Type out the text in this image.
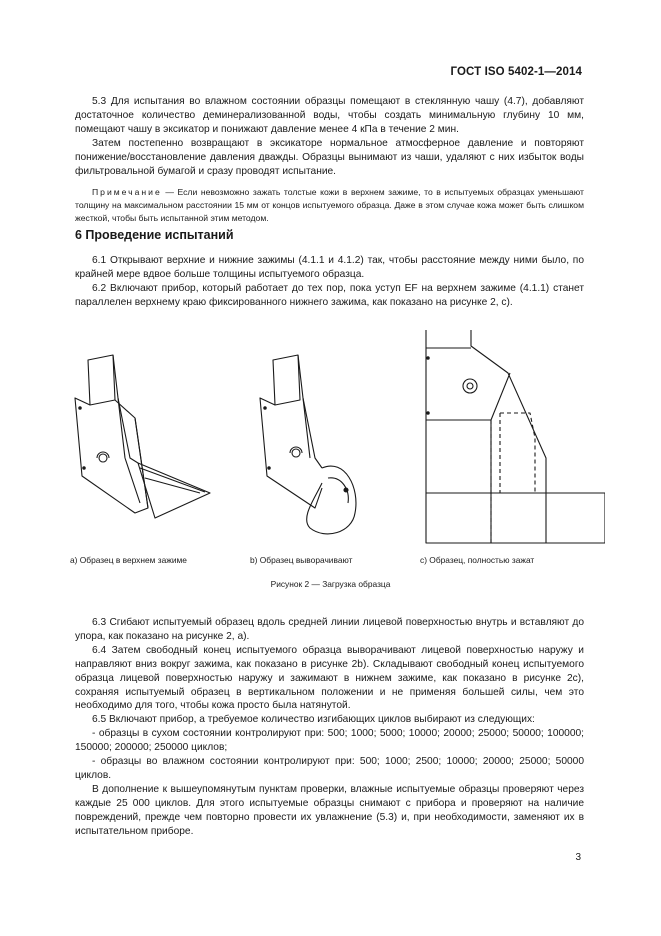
ГОСТ ISO 5402-1—2014

5.3 Для испытания во влажном состоянии образцы помещают в стеклянную чашу (4.7), добавляют достаточное количество деминерализованной воды, чтобы создать минимальную глубину 10 мм, помещают чашу в эксикатор и понижают давление менее 4 кПа в течение 2 мин.

Затем постепенно возвращают в эксикаторе нормальное атмосферное давление и повторяют понижение/восстановление давления дважды. Образцы вынимают из чаши, удаляют с них избыток воды фильтровальной бумагой и сразу проводят испытание.

Примечание — Если невозможно зажать толстые кожи в верхнем зажиме, то в испытуемых образцах уменьшают толщину на максимальном расстоянии 15 мм от концов испытуемого образца. Даже в этом случае кожа может быть слишком жесткой, чтобы быть испытанной этим методом.

6 Проведение испытаний

6.1 Открывают верхние и нижние зажимы (4.1.1 и 4.1.2) так, чтобы расстояние между ними было, по крайней мере вдвое больше толщины испытуемого образца.

6.2 Включают прибор, который работает до тех пор, пока уступ EF на верхнем зажиме (4.1.1) станет параллелен верхнему краю фиксированного нижнего зажима, как показано на рисунке 2, с).

a) Образец в верхнем зажиме	b) Образец выворачивают	c) Образец, полностью зажат
Рисунок 2 — Загрузка образца

6.3 Сгибают испытуемый образец вдоль средней линии лицевой поверхностью внутрь и вставляют до упора, как показано на рисунке 2, а).

6.4 Затем свободный конец испытуемого образца выворачивают лицевой поверхностью наружу и направляют вниз вокруг зажима, как показано в рисунке 2b). Складывают свободный конец испытуемого образца лицевой поверхностью наружу и зажимают в нижнем зажиме, как показано в рисунке 2с), сохраняя испытуемый образец в вертикальном положении и не применяя большей силы, чем это необходимо для того, чтобы кожа просто была натянутой.

6.5 Включают прибор, а требуемое количество изгибающих циклов выбирают из следующих:

- образцы в сухом состоянии контролируют при: 500; 1000; 5000; 10000; 20000; 25000; 50000; 100000; 150000; 200000; 250000 циклов;

- образцы во влажном состоянии контролируют при: 500; 1000; 2500; 10000; 20000; 25000; 50000 циклов.

В дополнение к вышеупомянутым пунктам проверки, влажные испытуемые образцы проверяют через каждые 25 000 циклов. Для этого испытуемые образцы снимают с прибора и проверяют на наличие повреждений, прежде чем повторно провести их увлажнение (5.3) и, при необходимости, заменяют их в испытательном приборе.

3
